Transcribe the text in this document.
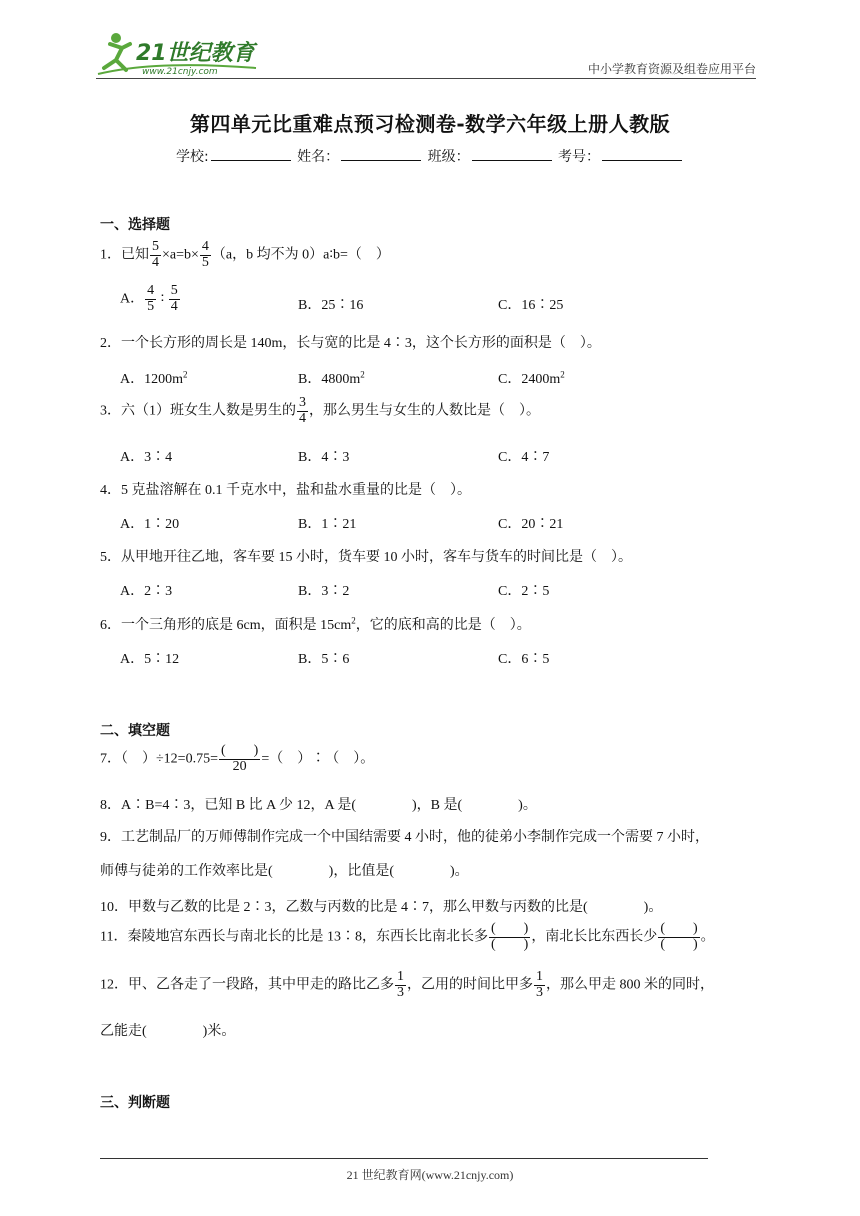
21世纪教育
www.21cnjy.com	中小学教育资源及组卷应用平台
第四单元比重难点预习检测卷-数学六年级上册人教版
学校:	姓名：	班级：	考号：
一、选择题
1．已知 $\frac{5}{4} \times a=b\times \frac{4}{5} (a$，b 均不为 0）a∶b=（　）
A． $\frac{4}{5}$ ∶ $\frac{5}{4}$	B．25∶16	C．16∶25
2．一个长方形的周长是 140m，长与宽的比是 4∶3，这个长方形的面积是（　）。
A．$1200m^2$	B．$4800m^2$	C．$2400m^2$
3．六（1）班女生人数是男生的 $\frac{3}{4}$ ，那么男生与女生的人数比是（　）。
A．3∶4	B．4∶3	C．4∶7
4．5 克盐溶解在 0.1 千克水中，盐和盐水重量的比是（　）。
A．1∶20	B．1∶21	C．20∶21
5．从甲地开往乙地，客车要 15 小时，货车要 10 小时，客车与货车的时间比是（　）。
A．2∶3	B．3∶2	C．2∶5
6．一个三角形的底是 6cm，面积是 $15cm^2$，它的底和高的比是（　）。
A．5∶12	B．5∶6	C．6∶5
二、填空题
7．（　）$\div 12=0.75= \frac{( )}{20}$ =（　）∶（　）。
8．A∶B=4∶3，已知 B 比 A 少 12，A 是(　　　　)，B 是(　　　　)。
9．工艺制品厂的万师傅制作完成一个中国结需要 4 小时，他的徒弟小李制作完成一个需要 7 小时，
师傅与徒弟的工作效率比是(　　　　)，比值是(　　　　)。
10．甲数与乙数的比是 2∶3，乙数与丙数的比是 4∶7，那么甲数与丙数的比是(　　　　)。
11．秦陵地宫东西长与南北长的比是 13∶8，东西长比南北长多 $\frac{( )}{( )}$ ，南北长比东西长少 $\frac{( )}{( )}$ 。
12．甲、乙各走了一段路，其中甲走的路比乙多 $\frac{1}{3}$ ，乙用的时间比甲多 $\frac{1}{3}$ ，那么甲走 800 米的同时，
乙能走(　　　　)米。
三、判断题
21 世纪教育网(www.21cnjy.com)
